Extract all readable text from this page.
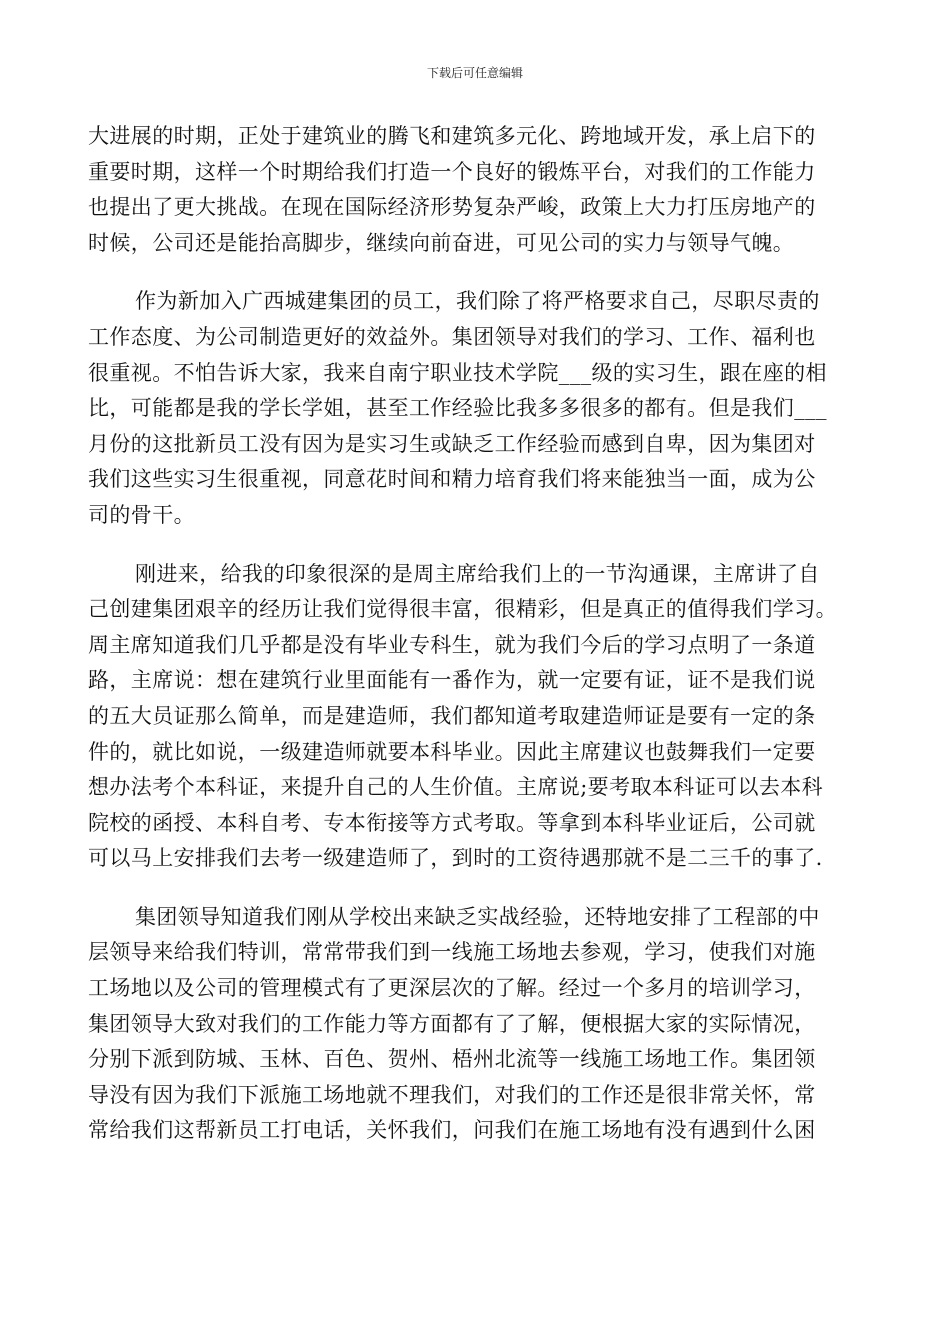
下载后可任意编辑
大进展的时期，正处于建筑业的腾飞和建筑多元化、跨地域开发，承上启下的
重要时期，这样一个时期给我们打造一个良好的锻炼平台，对我们的工作能力
也提出了更大挑战。在现在国际经济形势复杂严峻，政策上大力打压房地产的
时候，公司还是能抬高脚步，继续向前奋进，可见公司的实力与领导气魄。
作为新加入广西城建集团的员工，我们除了将严格要求自己，尽职尽责的
工作态度、为公司制造更好的效益外。集团领导对我们的学习、工作、福利也
很重视。不怕告诉大家，我来自南宁职业技术学院___级的实习生，跟在座的相
比，可能都是我的学长学姐，甚至工作经验比我多多很多的都有。但是我们___
月份的这批新员工没有因为是实习生或缺乏工作经验而感到自卑，因为集团对
我们这些实习生很重视，同意花时间和精力培育我们将来能独当一面，成为公
司的骨干。
刚进来，给我的印象很深的是周主席给我们上的一节沟通课，主席讲了自
己创建集团艰辛的经历让我们觉得很丰富，很精彩，但是真正的值得我们学习。
周主席知道我们几乎都是没有毕业专科生，就为我们今后的学习点明了一条道
路，主席说：想在建筑行业里面能有一番作为，就一定要有证，证不是我们说
的五大员证那么简单，而是建造师，我们都知道考取建造师证是要有一定的条
件的，就比如说，一级建造师就要本科毕业。因此主席建议也鼓舞我们一定要
想办法考个本科证，来提升自己的人生价值。主席说;要考取本科证可以去本科
院校的函授、本科自考、专本衔接等方式考取。等拿到本科毕业证后，公司就
可以马上安排我们去考一级建造师了，到时的工资待遇那就不是二三千的事了.
集团领导知道我们刚从学校出来缺乏实战经验，还特地安排了工程部的中
层领导来给我们特训，常常带我们到一线施工场地去参观，学习，使我们对施
工场地以及公司的管理模式有了更深层次的了解。经过一个多月的培训学习，
集团领导大致对我们的工作能力等方面都有了了解，便根据大家的实际情况，
分别下派到防城、玉林、百色、贺州、梧州北流等一线施工场地工作。集团领
导没有因为我们下派施工场地就不理我们，对我们的工作还是很非常关怀，常
常给我们这帮新员工打电话，关怀我们，问我们在施工场地有没有遇到什么困
